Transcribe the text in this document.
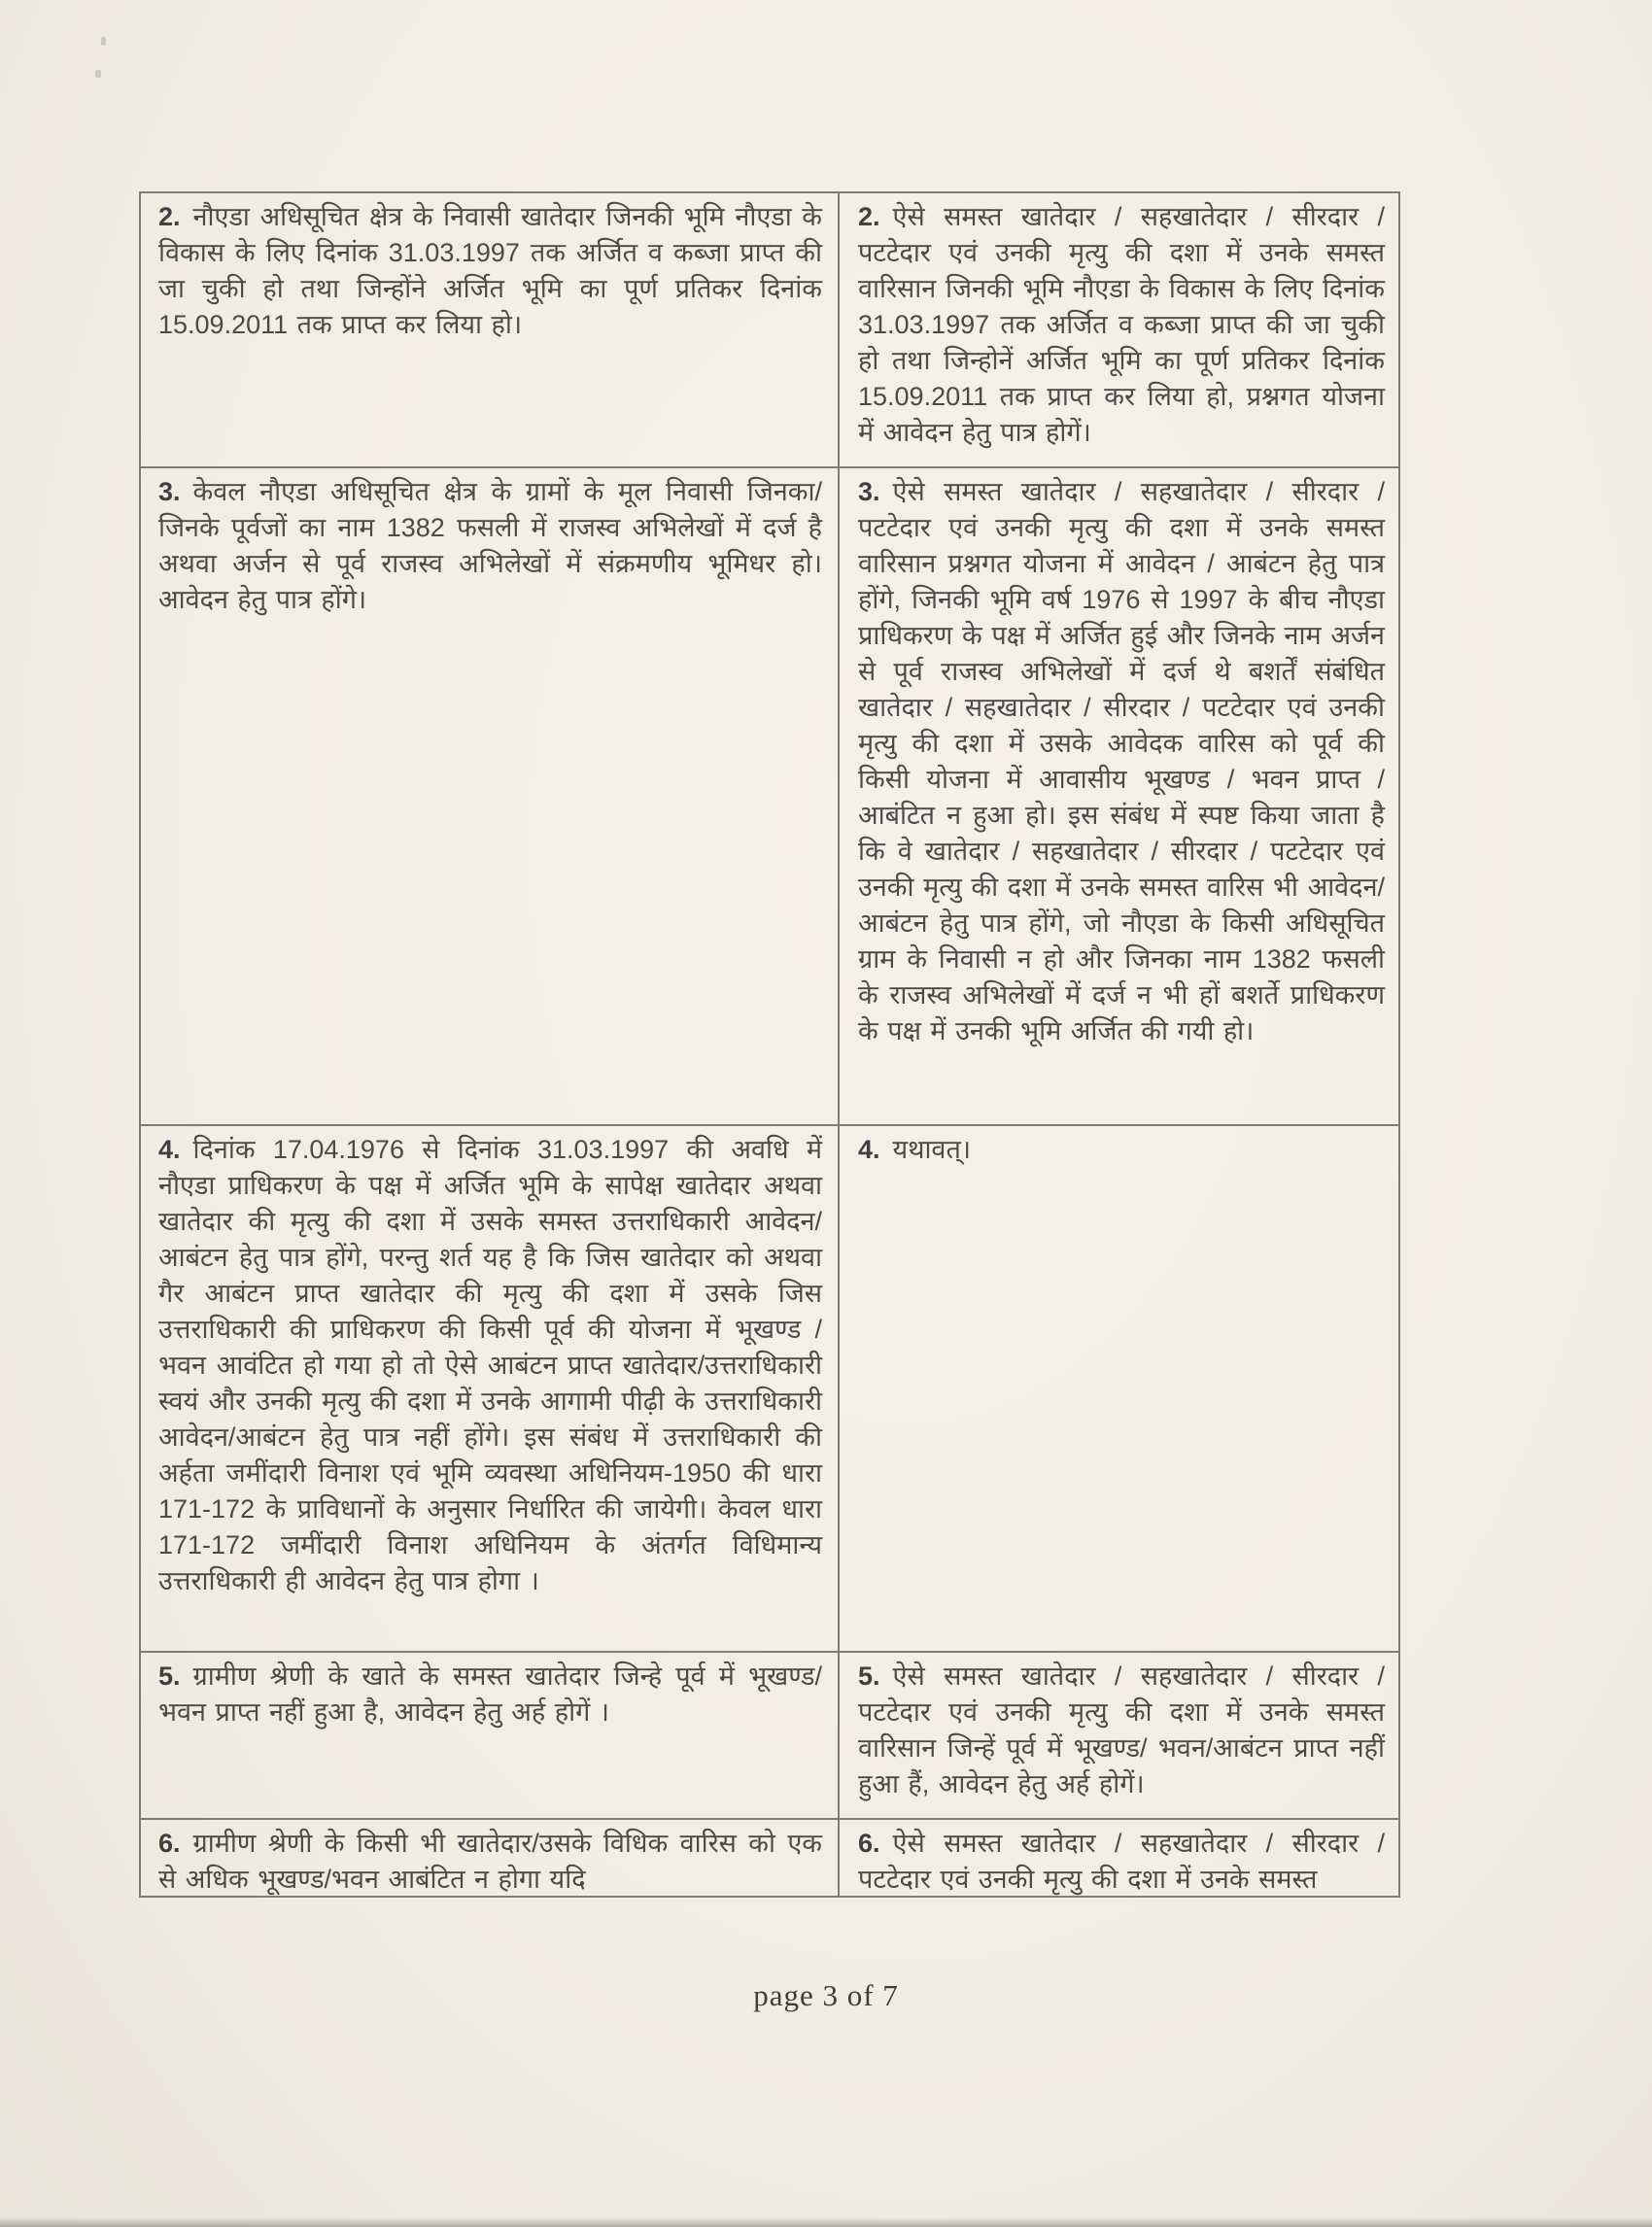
2. नौएडा अधिसूचित क्षेत्र के निवासी खातेदार जिनकी भूमि नौएडा के विकास के लिए दिनांक 31.03.1997 तक अर्जित व कब्जा प्राप्त की जा चुकी हो तथा जिन्होंने अर्जित भूमि का पूर्ण प्रतिकर दिनांक 15.09.2011 तक प्राप्त कर लिया हो।

2. ऐसे समस्त खातेदार / सहखातेदार / सीरदार / पटटेदार एवं उनकी मृत्यु की दशा में उनके समस्त वारिसान जिनकी भूमि नौएडा के विकास के लिए दिनांक 31.03.1997 तक अर्जित व कब्जा प्राप्त की जा चुकी हो तथा जिन्होनें अर्जित भूमि का पूर्ण प्रतिकर दिनांक 15.09.2011 तक प्राप्त कर लिया हो, प्रश्नगत योजना में आवेदन हेतु पात्र होगें।

3. केवल नौएडा अधिसूचित क्षेत्र के ग्रामों के मूल निवासी जिनका/जिनके पूर्वजों का नाम 1382 फसली में राजस्व अभिलेखों में दर्ज है अथवा अर्जन से पूर्व राजस्व अभिलेखों में संक्रमणीय भूमिधर हो। आवेदन हेतु पात्र होंगे।

3. ऐसे समस्त खातेदार / सहखातेदार / सीरदार / पटटेदार एवं उनकी मृत्यु की दशा में उनके समस्त वारिसान प्रश्नगत योजना में आवेदन / आबंटन हेतु पात्र होंगे, जिनकी भूमि वर्ष 1976 से 1997 के बीच नौएडा प्राधिकरण के पक्ष में अर्जित हुई और जिनके नाम अर्जन से पूर्व राजस्व अभिलेखों में दर्ज थे बशर्तें संबंधित खातेदार / सहखातेदार / सीरदार / पटटेदार एवं उनकी मृत्यु की दशा में उसके आवेदक वारिस को पूर्व की किसी योजना में आवासीय भूखण्ड / भवन प्राप्त / आबंटित न हुआ हो। इस संबंध में स्पष्ट किया जाता है कि वे खातेदार / सहखातेदार / सीरदार / पटटेदार एवं उनकी मृत्यु की दशा में उनके समस्त वारिस भी आवेदन/ आबंटन हेतु पात्र होंगे, जो नौएडा के किसी अधिसूचित ग्राम के निवासी न हो और जिनका नाम 1382 फसली के राजस्व अभिलेखों में दर्ज न भी हों बशर्ते प्राधिकरण के पक्ष में उनकी भूमि अर्जित की गयी हो।

4. दिनांक 17.04.1976 से दिनांक 31.03.1997 की अवधि में नौएडा प्राधिकरण के पक्ष में अर्जित भूमि के सापेक्ष खातेदार अथवा खातेदार की मृत्यु की दशा में उसके समस्त उत्तराधिकारी आवेदन/आबंटन हेतु पात्र होंगे, परन्तु शर्त यह है कि जिस खातेदार को अथवा गैर आबंटन प्राप्त खातेदार की मृत्यु की दशा में उसके जिस उत्तराधिकारी की प्राधिकरण की किसी पूर्व की योजना में भूखण्ड /भवन आवंटित हो गया हो तो ऐसे आबंटन प्राप्त खातेदार/उत्तराधिकारी स्वयं और उनकी मृत्यु की दशा में उनके आगामी पीढ़ी के उत्तराधिकारी आवेदन/आबंटन हेतु पात्र नहीं होंगे। इस संबंध में उत्तराधिकारी की अर्हता जमींदारी विनाश एवं भूमि व्यवस्था अधिनियम-1950 की धारा 171-172 के प्राविधानों के अनुसार निर्धारित की जायेगी। केवल धारा 171-172 जमींदारी विनाश अधिनियम के अंतर्गत विधिमान्य उत्तराधिकारी ही आवेदन हेतु पात्र होगा ।

4. यथावत्।

5. ग्रामीण श्रेणी के खाते के समस्त खातेदार जिन्हे पूर्व में भूखण्ड/भवन प्राप्त नहीं हुआ है, आवेदन हेतु अर्ह होगें ।

5. ऐसे समस्त खातेदार / सहखातेदार / सीरदार / पटटेदार एवं उनकी मृत्यु की दशा में उनके समस्त वारिसान जिन्हें पूर्व में भूखण्ड/ भवन/आबंटन प्राप्त नहीं हुआ हैं, आवेदन हेतु अर्ह होगें।

6. ग्रामीण श्रेणी के किसी भी खातेदार/उसके विधिक वारिस को एक से अधिक भूखण्ड/भवन आबंटित न होगा यदि

6. ऐसे समस्त खातेदार / सहखातेदार / सीरदार / पटटेदार एवं उनकी मृत्यु की दशा में उनके समस्त

page 3 of 7
